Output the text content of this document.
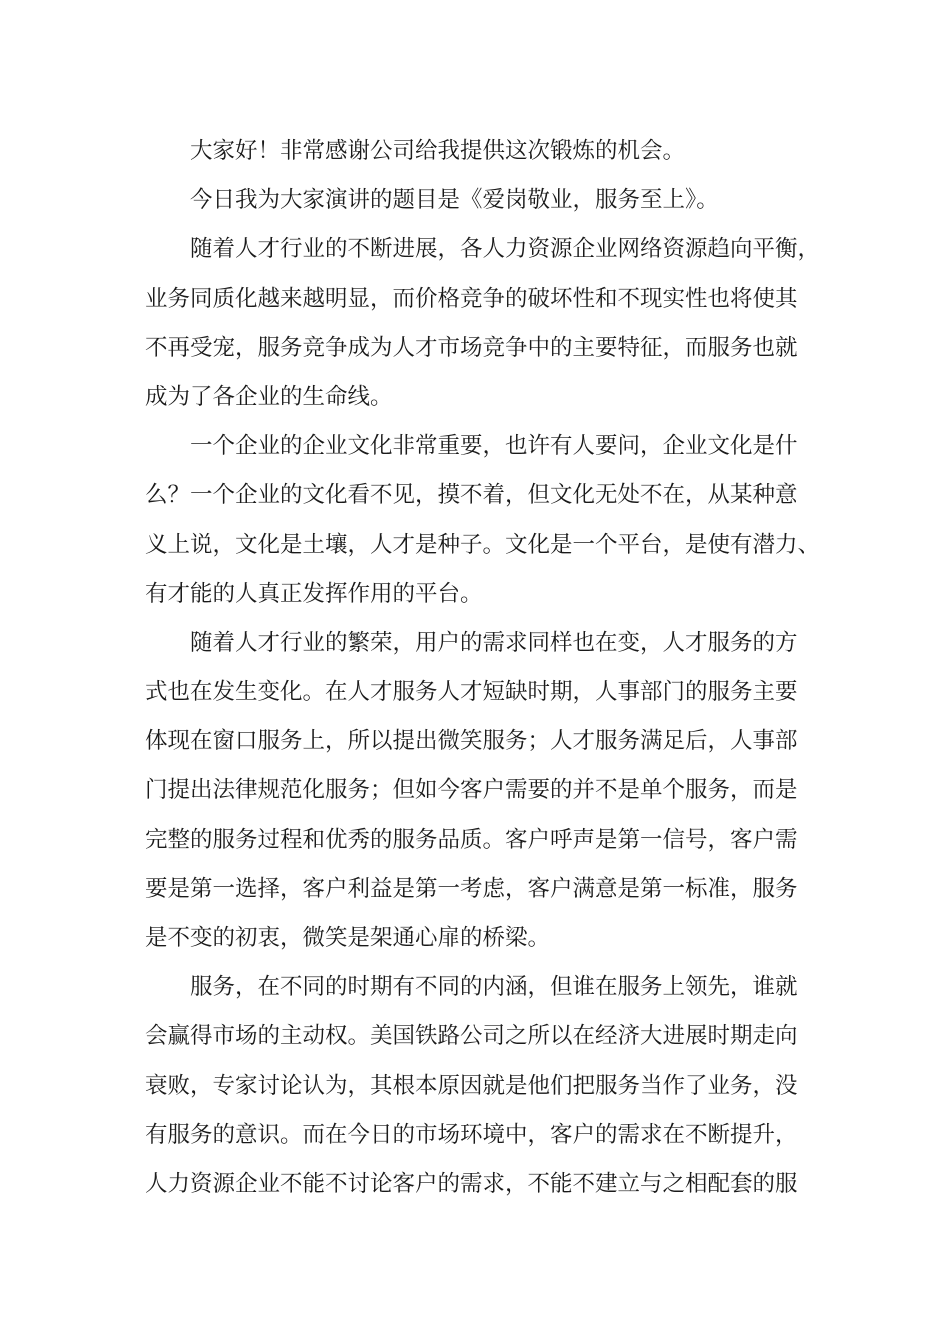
大家好！非常感谢公司给我提供这次锻炼的机会。

今日我为大家演讲的题目是《爱岗敬业，服务至上》。

随着人才行业的不断进展，各人力资源企业网络资源趋向平衡，
业务同质化越来越明显，而价格竞争的破坏性和不现实性也将使其
不再受宠，服务竞争成为人才市场竞争中的主要特征，而服务也就
成为了各企业的生命线。

一个企业的企业文化非常重要，也许有人要问，企业文化是什
么？一个企业的文化看不见，摸不着，但文化无处不在，从某种意
义上说，文化是土壤，人才是种子。文化是一个平台，是使有潜力、
有才能的人真正发挥作用的平台。

随着人才行业的繁荣，用户的需求同样也在变，人才服务的方
式也在发生变化。在人才服务人才短缺时期，人事部门的服务主要
体现在窗口服务上，所以提出微笑服务；人才服务满足后，人事部
门提出法律规范化服务；但如今客户需要的并不是单个服务，而是
完整的服务过程和优秀的服务品质。客户呼声是第一信号，客户需
要是第一选择，客户利益是第一考虑，客户满意是第一标准，服务
是不变的初衷，微笑是架通心扉的桥梁。

服务，在不同的时期有不同的内涵，但谁在服务上领先，谁就
会赢得市场的主动权。美国铁路公司之所以在经济大进展时期走向
衰败，专家讨论认为，其根本原因就是他们把服务当作了业务，没
有服务的意识。而在今日的市场环境中，客户的需求在不断提升，
人力资源企业不能不讨论客户的需求，不能不建立与之相配套的服
